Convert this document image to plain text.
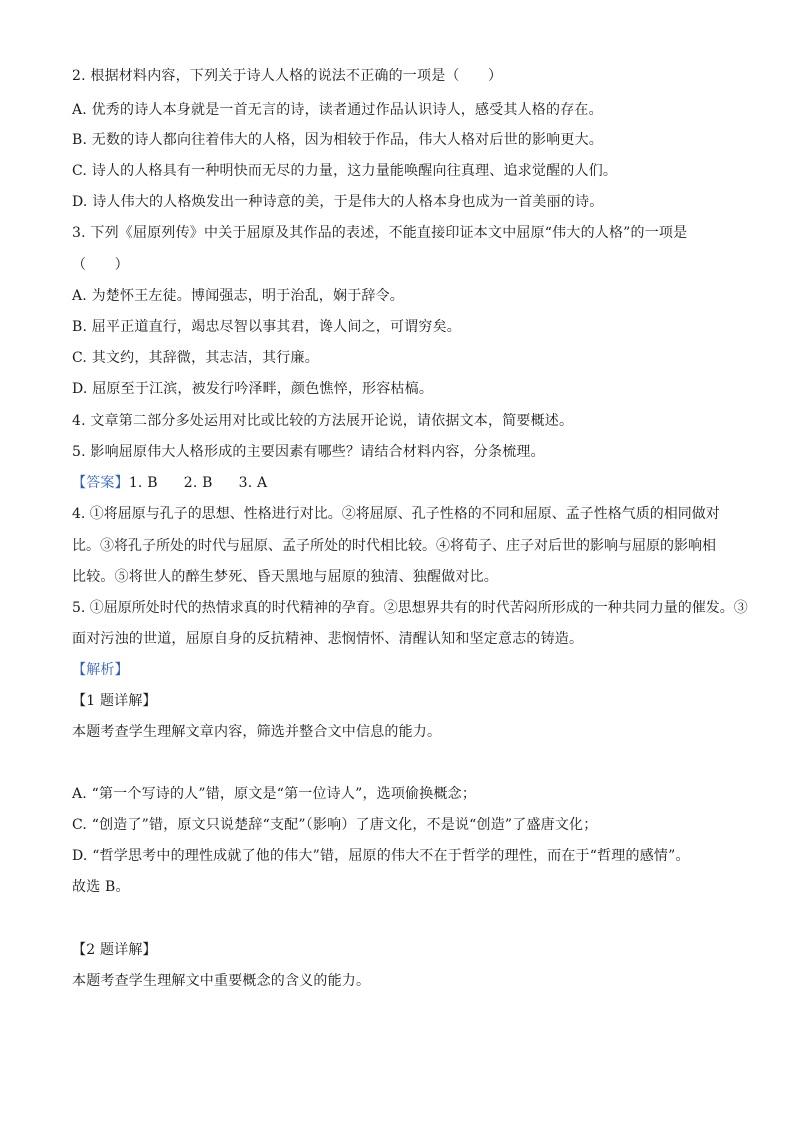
2. 根据材料内容，下列关于诗人人格的说法不正确的一项是（　　）
A. 优秀的诗人本身就是一首无言的诗，读者通过作品认识诗人，感受其人格的存在。
B. 无数的诗人都向往着伟大的人格，因为相较于作品，伟大人格对后世的影响更大。
C. 诗人的人格具有一种明快而无尽的力量，这力量能唤醒向往真理、追求觉醒的人们。
D. 诗人伟大的人格焕发出一种诗意的美，于是伟大的人格本身也成为一首美丽的诗。
3. 下列《屈原列传》中关于屈原及其作品的表述，不能直接印证本文中屈原“伟大的人格”的一项是
（　　）
A. 为楚怀王左徒。博闻强志，明于治乱，娴于辞令。
B. 屈平正道直行，竭忠尽智以事其君，谗人间之，可谓穷矣。
C. 其文约，其辞微，其志洁，其行廉。
D. 屈原至于江滨，被发行吟泽畔，颜色憔悴，形容枯槁。
4. 文章第二部分多处运用对比或比较的方法展开论说，请依据文本，简要概述。
5. 影响屈原伟大人格形成的主要因素有哪些？请结合材料内容，分条梳理。
【答案】1. B 2. B 3. A
4. ①将屈原与孔子的思想、性格进行对比。②将屈原、孔子性格的不同和屈原、孟子性格气质的相同做对
比。③将孔子所处的时代与屈原、孟子所处的时代相比较。④将荀子、庄子对后世的影响与屈原的影响相
比较。⑤将世人的醉生梦死、昏天黑地与屈原的独清、独醒做对比。
5. ①屈原所处时代的热情求真的时代精神的孕育。②思想界共有的时代苦闷所形成的一种共同力量的催发。③
面对污浊的世道，屈原自身的反抗精神、悲悯情怀、清醒认知和坚定意志的铸造。
【解析】
【1 题详解】
本题考查学生理解文章内容，筛选并整合文中信息的能力。
A. “第一个写诗的人”错，原文是“第一位诗人”，选项偷换概念；
C. “创造了”错，原文只说楚辞“支配”（影响）了唐文化，不是说“创造”了盛唐文化；
D. “哲学思考中的理性成就了他的伟大”错，屈原的伟大不在于哲学的理性，而在于“哲理的感情”。
故选 B。
【2 题详解】
本题考查学生理解文中重要概念的含义的能力。
